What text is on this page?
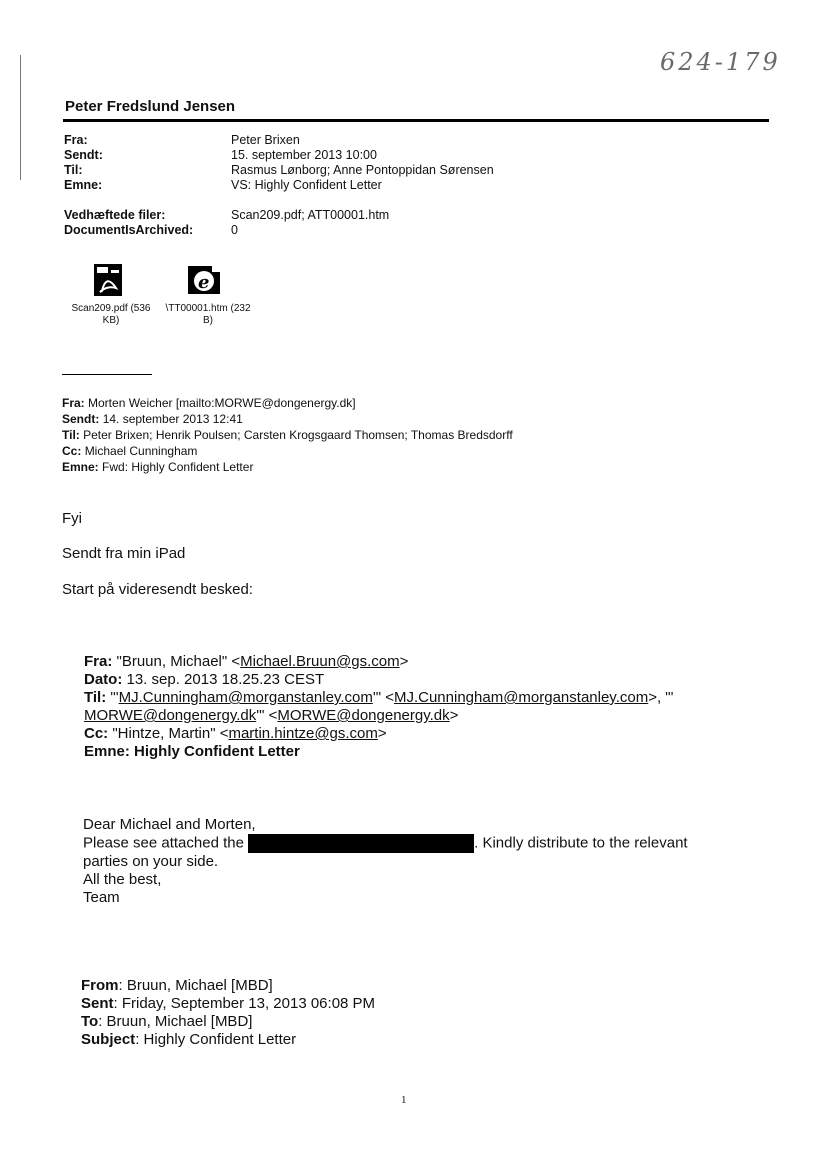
624-179
Peter Fredslund Jensen
Fra:	Peter Brixen
Sendt:	15. september 2013 10:00
Til:	Rasmus Lønborg; Anne Pontoppidan Sørensen
Emne:	VS: Highly Confident Letter
Vedhæftede filer:	Scan209.pdf; ATT00001.htm
DocumentIsArchived:	0
Scan209.pdf (536
KB)
e
\TT00001.htm (232
B)
Fra: Morten Weicher [mailto:MORWE@dongenergy.dk]
Sendt: 14. september 2013 12:41
Til: Peter Brixen; Henrik Poulsen; Carsten Krogsgaard Thomsen; Thomas Bredsdorff
Cc: Michael Cunningham
Emne: Fwd: Highly Confident Letter
Fyi
Sendt fra min iPad
Start på videresendt besked:
Fra: "Bruun, Michael" <Michael.Bruun@gs.com>
Dato: 13. sep. 2013 18.25.23 CEST
Til: "'MJ.Cunningham@morganstanley.com'" <MJ.Cunningham@morganstanley.com>, "'
MORWE@dongenergy.dk'" <MORWE@dongenergy.dk>
Cc: "Hintze, Martin" <martin.hintze@gs.com>
Emne: Highly Confident Letter
Dear Michael and Morten,
Please see attached the	. Kindly distribute to the relevant
parties on your side.
All the best,
Team
From: Bruun, Michael [MBD]
Sent: Friday, September 13, 2013 06:08 PM
To: Bruun, Michael [MBD]
Subject: Highly Confident Letter
1
